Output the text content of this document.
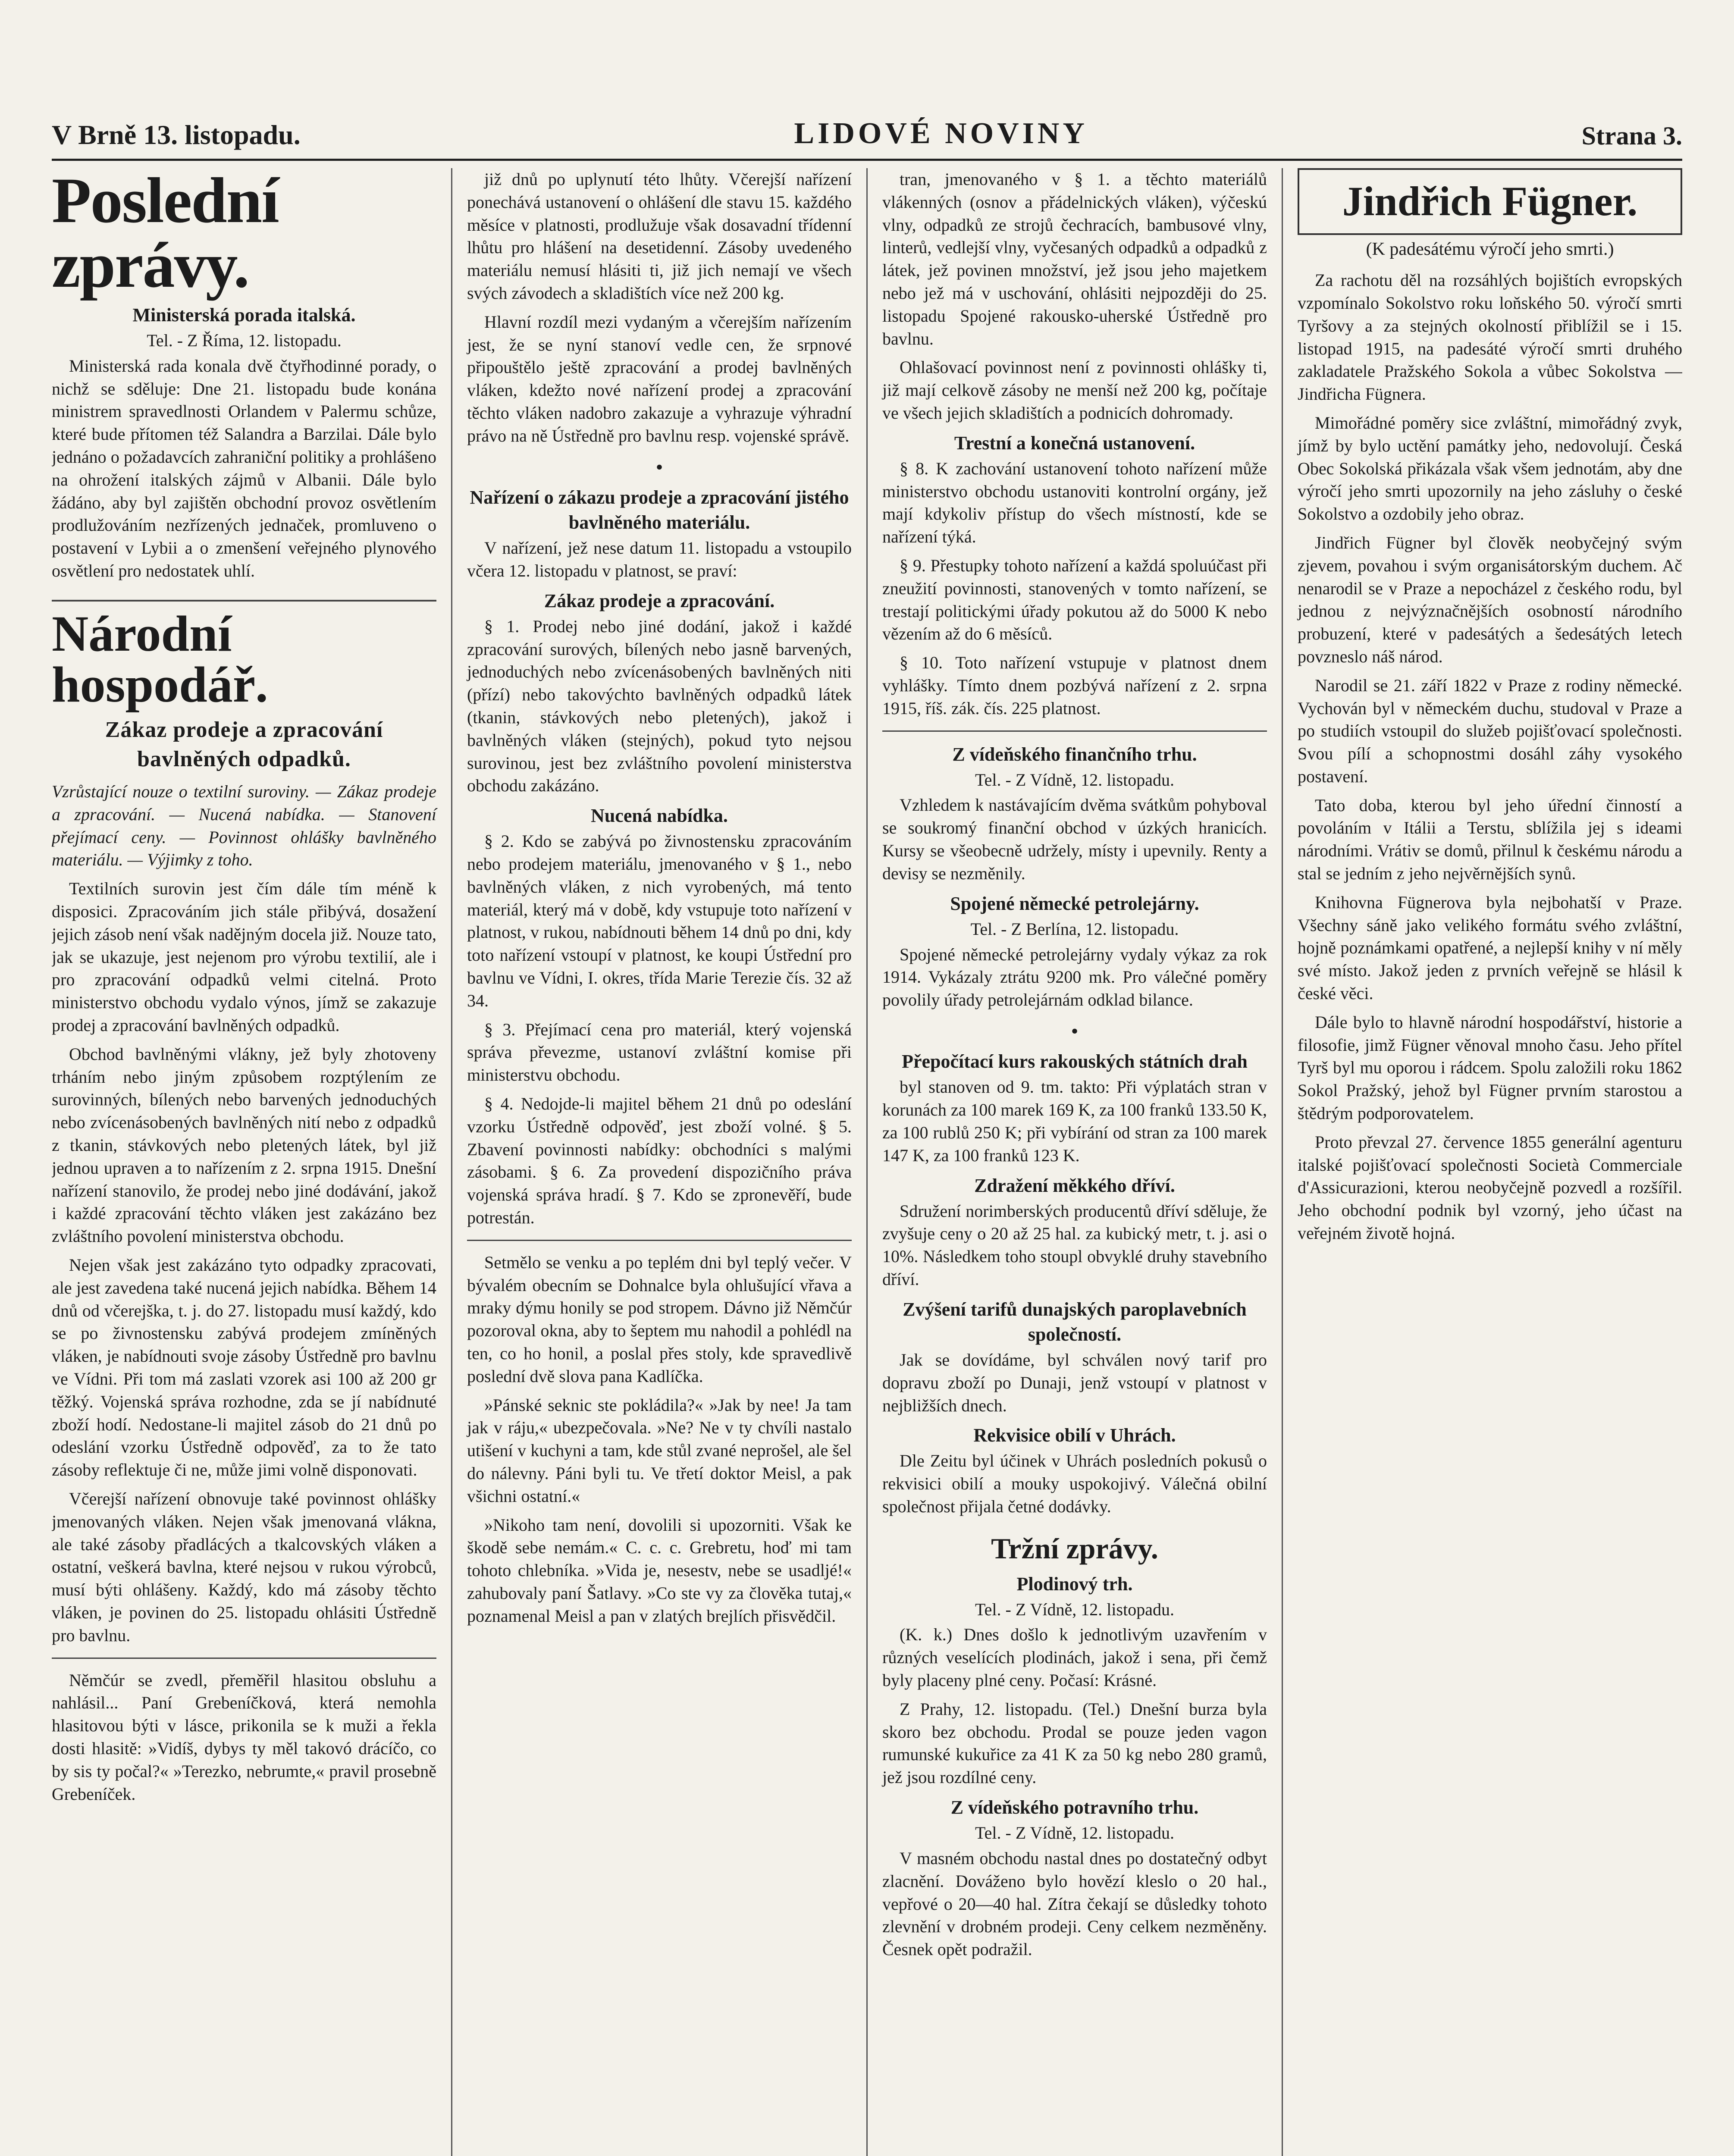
V Brně 13. listopadu.	LIDOVÉ NOVINY	Strana 3.
Poslední zprávy.
Ministerská porada italská.
Tel. - Z Říma, 12. listopadu.

Ministerská rada konala dvě čtyřhodinné porady, o nichž se sděluje: Dne 21. listopadu bude konána ministrem spravedlnosti Orlandem v Palermu schůze, které bude přítomen též Salandra a Barzilai. Dále bylo jednáno o požadavcích zahraniční politiky a prohlášeno na ohrožení italských zájmů v Albanii. Dále bylo žádáno, aby byl zajištěn obchodní provoz osvětlením prodlužováním nezřízených jednaček, promluveno o postavení v Lybii a o zmenšení veřejného plynového osvětlení pro nedostatek uhlí.

Národní hospodář.
Zákaz prodeje a zpracování bavlněných odpadků.
Vzrůstající nouze o textilní suroviny. — Zákaz prodeje a zpracování. — Nucená nabídka. — Stanovení přejímací ceny. — Povinnost ohlášky bavlněného materiálu. — Výjimky z toho.

Textilních surovin jest čím dále tím méně k disposici. Zpracováním jich stále přibývá, dosažení jejich zásob není však nadějným docela již. Nouze tato, jak se ukazuje, jest nejenom pro výrobu textilií, ale i pro zpracování odpadků velmi citelná. Proto ministerstvo obchodu vydalo výnos, jímž se zakazuje prodej a zpracování bavlněných odpadků.

Obchod bavlněnými vlákny, jež byly zhotoveny trháním nebo jiným způsobem rozptýlením ze surovinných, bílených nebo barvených jednoduchých nebo zvícenásobených bavlněných nití nebo z odpadků z tkanin, stávkových nebo pletených látek, byl již jednou upraven a to nařízením z 2. srpna 1915. Dnešní nařízení stanovilo, že prodej nebo jiné dodávání, jakož i každé zpracování těchto vláken jest zakázáno bez zvláštního povolení ministerstva obchodu.

Nejen však jest zakázáno tyto odpadky zpracovati, ale jest zavedena také nucená jejich nabídka. Během 14 dnů od včerejška, t. j. do 27. listopadu musí každý, kdo se po živnostensku zabývá prodejem zmíněných vláken, je nabídnouti svoje zásoby Ústředně pro bavlnu ve Vídni. Při tom má zaslati vzorek asi 100 až 200 gr těžký. Vojenská správa rozhodne, zda se jí nabídnuté zboží hodí. Nedostane-li majitel zásob do 21 dnů po odeslání vzorku Ústředně odpověď, za to že tato zásoby reflektuje či ne, může jimi volně disponovati.

Včerejší nařízení obnovuje také povinnost ohlášky jmenovaných vláken. Nejen však jmenovaná vlákna, ale také zásoby přadlácých a tkalcovských vláken a ostatní, veškerá bavlna, které nejsou v rukou výrobců, musí býti ohlášeny. Každý, kdo má zásoby těchto vláken, je povinen do 25. listopadu ohlásiti Ústředně pro bavlnu.

Němčúr se zvedl, přeměřil hlasitou obsluhu a nahlásil... Paní Grebeníčková, která nemohla hlasitovou býti v lásce, prikonila se k muži a řekla dosti hlasitě: »Vidíš, dybys ty měl takovó drácíčo, co by sis ty počal?« »Terezko, nebrumte,« pravil prosebně Grebeníček.

již dnů po uplynutí této lhůty. Včerejší nařízení ponechává ustanovení o ohlášení dle stavu 15. každého měsíce v platnosti, prodlužuje však dosavadní třídenní lhůtu pro hlášení na desetidenní. Zásoby uvedeného materiálu nemusí hlásiti ti, již jich nemají ve všech svých závodech a skladištích více než 200 kg.

Hlavní rozdíl mezi vydaným a včerejším nařízením jest, že se nyní stanoví vedle cen, že srpnové připouštělo ještě zpracování a prodej bavlněných vláken, kdežto nové nařízení prodej a zpracování těchto vláken nadobro zakazuje a vyhrazuje výhradní právo na ně Ústředně pro bavlnu resp. vojenské správě.

•
Nařízení o zákazu prodeje a zpracování jistého bavlněného materiálu.

V nařízení, jež nese datum 11. listopadu a vstoupilo včera 12. listopadu v platnost, se praví:

Zákaz prodeje a zpracování.

§ 1. Prodej nebo jiné dodání, jakož i každé zpracování surových, bílených nebo jasně barvených, jednoduchých nebo zvícenásobených bavlněných niti (přízí) nebo takovýchto bavlněných odpadků látek (tkanin, stávkových nebo pletených), jakož i bavlněných vláken (stejných), pokud tyto nejsou surovinou, jest bez zvláštního povolení ministerstva obchodu zakázáno.

Nucená nabídka.

§ 2. Kdo se zabývá po živnostensku zpracováním nebo prodejem materiálu, jmenovaného v § 1., nebo bavlněných vláken, z nich vyrobených, má tento materiál, který má v době, kdy vstupuje toto nařízení v platnost, v rukou, nabídnouti během 14 dnů po dni, kdy toto nařízení vstoupí v platnost, ke koupi Ústřední pro bavlnu ve Vídni, I. okres, třída Marie Terezie čís. 32 až 34.

§ 3. Přejímací cena pro materiál, který vojenská správa převezme, ustanoví zvláštní komise při ministerstvu obchodu.

§ 4. Nedojde-li majitel během 21 dnů po odeslání vzorku Ústředně odpověď, jest zboží volné. § 5. Zbavení povinnosti nabídky: obchodníci s malými zásobami. § 6. Za provedení dispozičního práva vojenská správa hradí. § 7. Kdo se zpronevěří, bude potrestán.

Setmělo se venku a po teplém dni byl teplý večer. V bývalém obecním se Dohnalce byla ohlušující vřava a mraky dýmu honily se pod stropem. Dávno již Němčúr pozoroval okna, aby to šeptem mu nahodil a pohlédl na ten, co ho honil, a poslal přes stoly, kde spravedlivě poslední dvě slova pana Kadlíčka.

»Pánské seknic ste pokládila?« »Jak by nee! Ja tam jak v ráju,« ubezpečovala. »Ne? Ne v ty chvíli nastalo utišení v kuchyni a tam, kde stůl zvané neprošel, ale šel do nálevny. Páni byli tu. Ve třetí doktor Meisl, a pak všichni ostatní.«

»Nikoho tam není, dovolili si upozorniti. Však ke škodě sebe nemám.« C. c. c. Grebretu, hoď mi tam tohoto chlebníka. »Vida je, nesestv, nebe se usadljé!« zahubovaly paní Šatlavy. »Co ste vy za člověka tutaj,« poznamenal Meisl a pan v zlatých brejlích přisvědčil.

tran, jmenovaného v § 1. a těchto materiálů vlákenných (osnov a přádelnických vláken), výčeskú vlny, odpadků ze strojů čechracích, bambusové vlny, linterů, vedlejší vlny, vyčesaných odpadků a odpadků z látek, jež povinen množství, jež jsou jeho majetkem nebo jež má v uschování, ohlásiti nejpozději do 25. listopadu Spojené rakousko-uherské Ústředně pro bavlnu.

Ohlašovací povinnost není z povinnosti ohlášky ti, již mají celkově zásoby ne menší než 200 kg, počítaje ve všech jejich skladištích a podnicích dohromady.

Trestní a konečná ustanovení.

§ 8. K zachování ustanovení tohoto nařízení může ministerstvo obchodu ustanoviti kontrolní orgány, jež mají kdykoliv přístup do všech místností, kde se nařízení týká.

§ 9. Přestupky tohoto nařízení a každá spoluúčast při zneužití povinnosti, stanovených v tomto nařízení, se trestají politickými úřady pokutou až do 5000 K nebo vězením až do 6 měsíců.

§ 10. Toto nařízení vstupuje v platnost dnem vyhlášky. Tímto dnem pozbývá nařízení z 2. srpna 1915, říš. zák. čís. 225 platnost.

Z vídeňského finančního trhu.
Tel. - Z Vídně, 12. listopadu.

Vzhledem k nastávajícím dvěma svátkům pohyboval se soukromý finanční obchod v úzkých hranicích. Kursy se všeobecně udržely, místy i upevnily. Renty a devisy se nezměnily.

Spojené německé petrolejárny.
Tel. - Z Berlína, 12. listopadu.

Spojené německé petrolejárny vydaly výkaz za rok 1914. Vykázaly ztrátu 9200 mk. Pro válečné poměry povolily úřady petrolejárnám odklad bilance.

•
Přepočítací kurs rakouských státních drah

byl stanoven od 9. tm. takto: Při výplatách stran v korunách za 100 marek 169 K, za 100 franků 133.50 K, za 100 rublů 250 K; při vybírání od stran za 100 marek 147 K, za 100 franků 123 K.

Zdražení měkkého dříví.

Sdružení norimberských producentů dříví sděluje, že zvyšuje ceny o 20 až 25 hal. za kubický metr, t. j. asi o 10%. Následkem toho stoupl obvyklé druhy stavebního dříví.

Zvýšení tarifů dunajských paroplavebních společností.

Jak se dovídáme, byl schválen nový tarif pro dopravu zboží po Dunaji, jenž vstoupí v platnost v nejbližších dnech.

Rekvisice obilí v Uhrách.

Dle Zeitu byl účinek v Uhrách posledních pokusů o rekvisici obilí a mouky uspokojivý. Válečná obilní společnost přijala četné dodávky.

Tržní zprávy.
Plodinový trh.
Tel. - Z Vídně, 12. listopadu.

(K. k.) Dnes došlo k jednotlivým uzavřením v různých veselících plodinách, jakož i sena, při čemž byly placeny plné ceny. Počasí: Krásné.

Z Prahy, 12. listopadu. (Tel.) Dnešní burza byla skoro bez obchodu. Prodal se pouze jeden vagon rumunské kukuřice za 41 K za 50 kg nebo 280 gramů, jež jsou rozdílné ceny.

Z vídeňského potravního trhu.
Tel. - Z Vídně, 12. listopadu.

V masném obchodu nastal dnes po dostatečný odbyt zlacnění. Dováženo bylo hovězí kleslo o 20 hal., vepřové o 20—40 hal. Zítra čekají se důsledky tohoto zlevnění v drobném prodeji. Ceny celkem nezměněny. Česnek opět podražil.

Jindřich Fügner.
(K padesátému výročí jeho smrti.)

Za rachotu děl na rozsáhlých bojištích evropských vzpomínalo Sokolstvo roku loňského 50. výročí smrti Tyršovy a za stejných okolností přiblížil se i 15. listopad 1915, na padesáté výročí smrti druhého zakladatele Pražského Sokola a vůbec Sokolstva — Jindřicha Fügnera.

Mimořádné poměry sice zvláštní, mimořádný zvyk, jímž by bylo uctění památky jeho, nedovolují. Česká Obec Sokolská přikázala však všem jednotám, aby dne výročí jeho smrti upozornily na jeho zásluhy o české Sokolstvo a ozdobily jeho obraz.

Jindřich Fügner byl člověk neobyčejný svým zjevem, povahou i svým organisátorským duchem. Ač nenarodil se v Praze a nepocházel z českého rodu, byl jednou z nejvýznačnějších osobností národního probuzení, které v padesátých a šedesátých letech povzneslo náš národ.

Narodil se 21. září 1822 v Praze z rodiny německé. Vychován byl v německém duchu, studoval v Praze a po studiích vstoupil do služeb pojišťovací společnosti. Svou pílí a schopnostmi dosáhl záhy vysokého postavení.

Tato doba, kterou byl jeho úřední činností a povoláním v Itálii a Terstu, sblížila jej s ideami národními. Vrátiv se domů, přilnul k českému národu a stal se jedním z jeho nejvěrnějších synů.

Knihovna Fügnerova byla nejbohatší v Praze. Všechny sáně jako velikého formátu svého zvláštní, hojně poznámkami opatřené, a nejlepší knihy v ní měly své místo. Jakož jeden z prvních veřejně se hlásil k české věci.

Dále bylo to hlavně národní hospodářství, historie a filosofie, jimž Fügner věnoval mnoho času. Jeho přítel Tyrš byl mu oporou i rádcem. Spolu založili roku 1862 Sokol Pražský, jehož byl Fügner prvním starostou a štědrým podporovatelem.

Proto převzal 27. července 1855 generální agenturu italské pojišťovací společnosti Società Commerciale d'Assicurazioni, kterou neobyčejně pozvedl a rozšířil. Jeho obchodní podnik byl vzorný, jeho účast na veřejném životě hojná.
